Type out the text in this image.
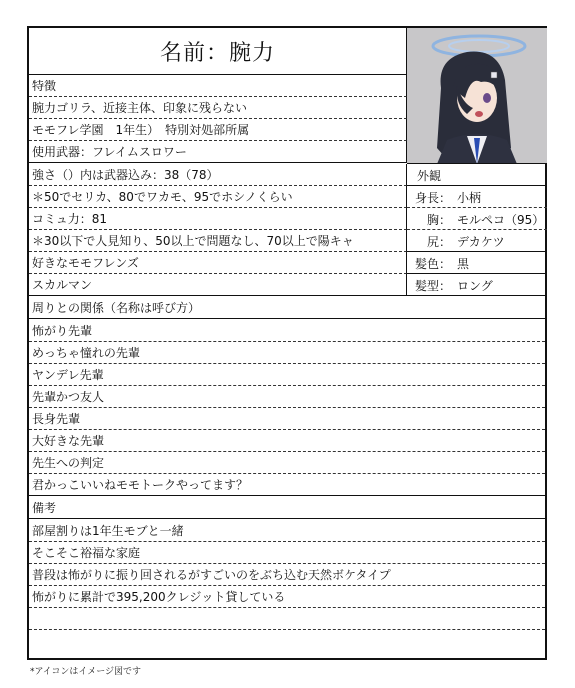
名前：腕力
特徴
腕力ゴリラ、近接主体、印象に残らない
モモフレ学園　1年生）　特別対処部所属
使用武器：フレイムスロワー
強さ（）内は武器込み：38（78）
＊50でセリカ、80でワカモ、95でホシノくらい
コミュ力：81
＊30以下で人見知り、50以上で問題なし、70以上で陽キャ
好きなモモフレンズ
スカルマン
外観
身長： 小柄
胸： モルペコ（95）
尻： デカケツ
髪色： 黒
髪型： ロング
周りとの関係（名称は呼び方）
怖がり先輩
めっちゃ憧れの先輩
ヤンデレ先輩
先輩かつ友人
長身先輩
大好きな先輩
先生への判定
君かっこいいねモモトークやってます？
備考
部屋割りは1年生モブと一緒
そこそこ裕福な家庭
普段は怖がりに振り回されるがすごいのをぶち込む天然ボケタイプ
怖がりに累計で395,200クレジット貸している
*アイコンはイメージ図です
